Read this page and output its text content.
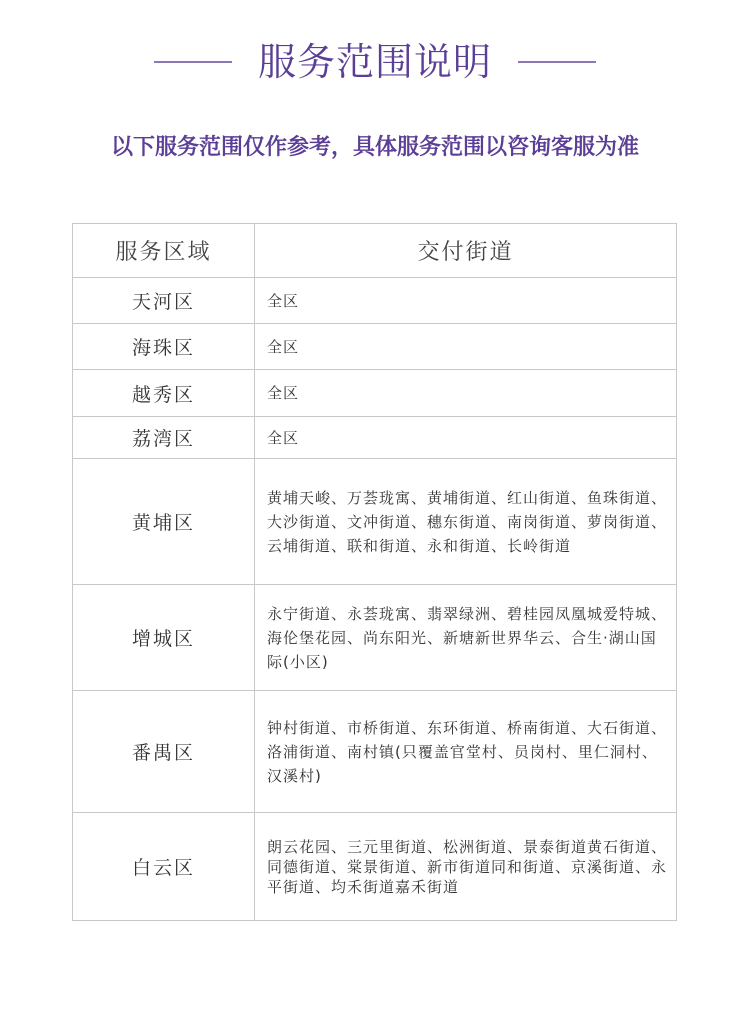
服务范围说明
以下服务范围仅作参考，具体服务范围以咨询客服为准
服务区域	交付街道
天河区	全区
海珠区	全区
越秀区	全区
荔湾区	全区
黄埔区	黄埔天峻、万荟珑寓、黄埔街道、红山街道、鱼珠街道、大沙街道、文冲街道、穗东街道、南岗街道、萝岗街道、云埔街道、联和街道、永和街道、长岭街道
增城区	永宁街道、永荟珑寓、翡翠绿洲、碧桂园凤凰城爱特城、海伦堡花园、尚东阳光、新塘新世界华云、合生·湖山国际(小区)
番禺区	钟村街道、市桥街道、东环街道、桥南街道、大石街道、洛浦街道、南村镇(只覆盖官堂村、员岗村、里仁洞村、汉溪村)
白云区	朗云花园、三元里街道、松洲街道、景泰街道黄石街道、同德街道、棠景街道、新市街道同和街道、京溪街道、永平街道、均禾街道嘉禾街道
